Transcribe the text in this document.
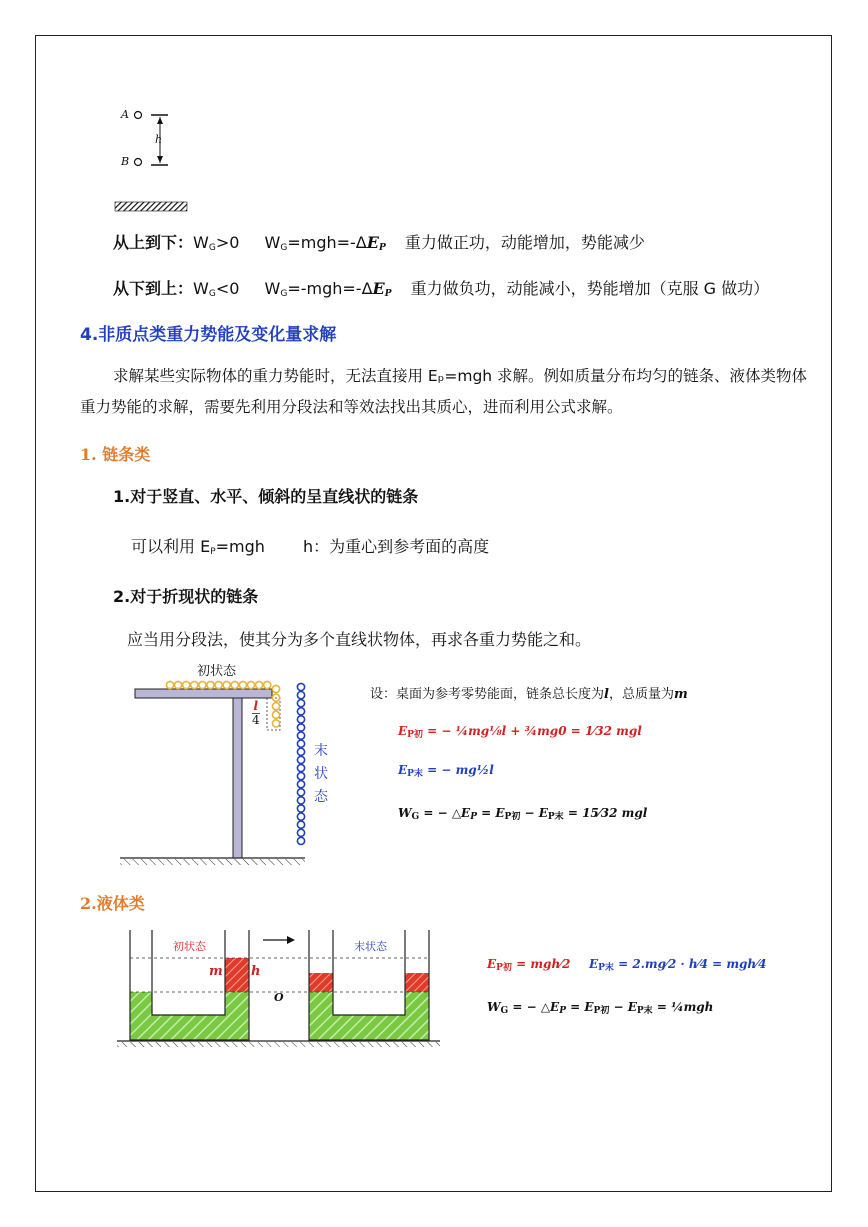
A
B
h
从上到下：$W_G>0$ $W_G=mgh=-\Delta E_P$ 重力做正功，动能增加，势能减少
从下到上：$W_G<0$ $W_G=-mgh=-\Delta E_P$ 重力做负功，动能减小，势能增加（克服 G 做功）
4.非质点类重力势能及变化量求解
求解某些实际物体的重力势能时，无法直接用 Eₚ=mgh 求解。例如质量分布均匀的链条、液体类物体重力势能的求解，需要先利用分段法和等效法找出其质心，进而利用公式求解。
1. 链条类
1.对于竖直、水平、倾斜的呈直线状的链条
可以利用 $E_P=mgh$ h：为重心到参考面的高度
2.对于折现状的链条
应当用分段法，使其分为多个直线状物体，再求各重力势能之和。
初状态
l
4
末
状
态
设：桌面为参考零势能面，链条总长度为l，总质量为m
$E_{P初}$ = − ¼mg⅛l + ¾mg0 = 1⁄32 mgl
$E_{P末}$ = − mg½l
$W_G$ = − $\triangle E_P = E_{P初} - E_{P末}$ = 15⁄32 mgl
2.液体类
初状态	末状态
m h
O
$E_{P初}$ = mgh⁄2 $E_{P末}$ = 2.mg⁄2 · h⁄4 = mgh⁄4
$W_G$ = − $\triangle E_P = E_{P初} - E_{P末}$ = ¼mgh
